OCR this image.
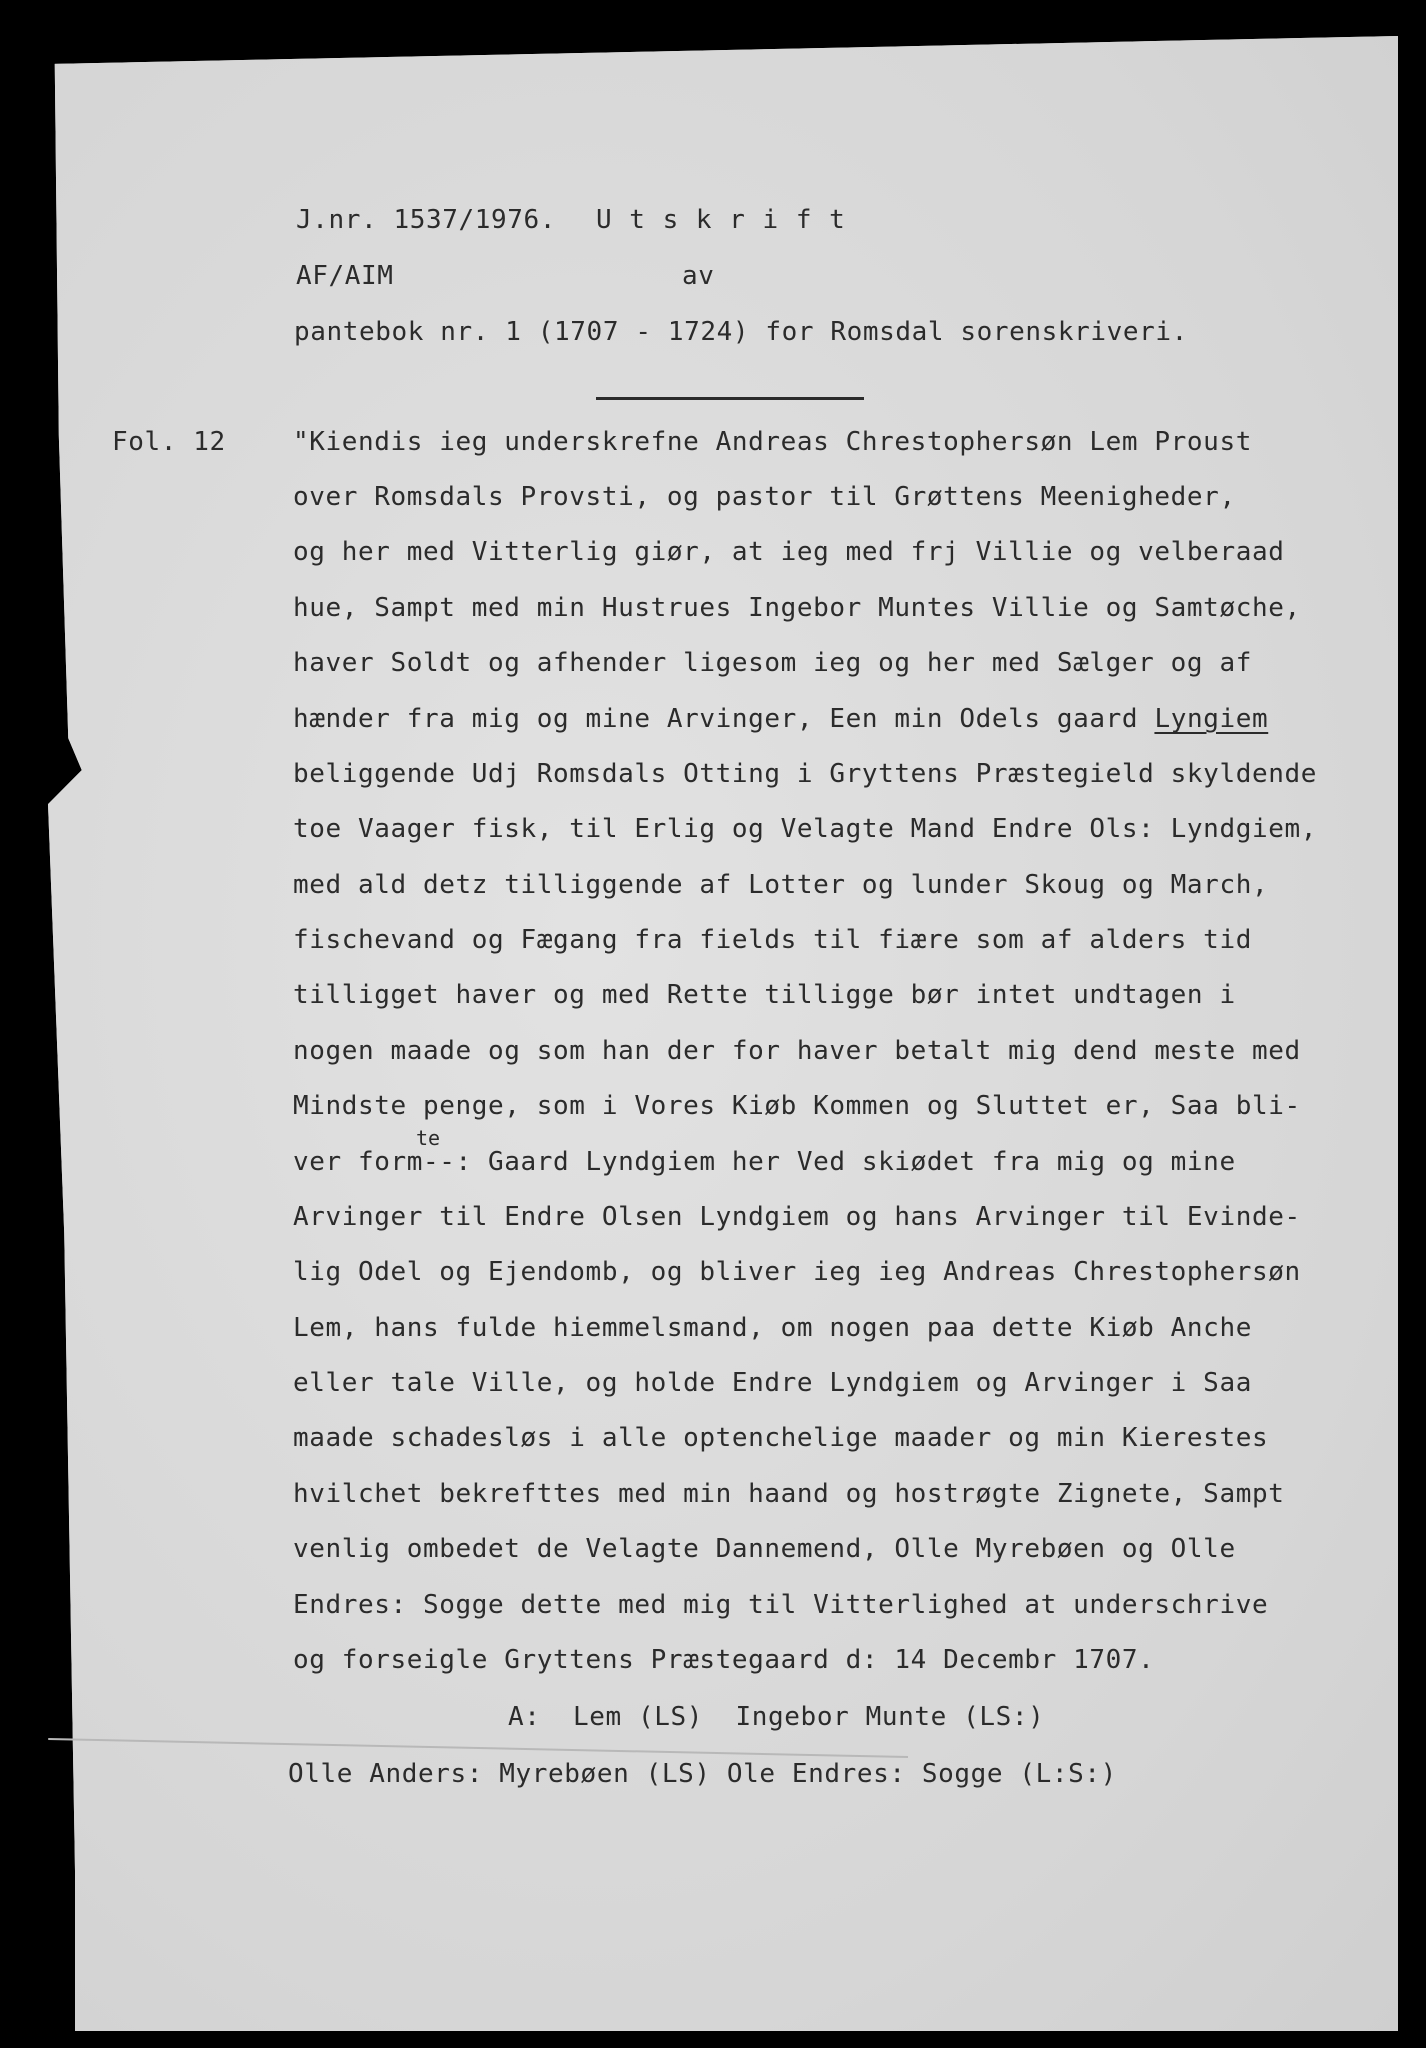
J.nr. 1537/1976. U t s k r i f t
AF/AIM	av
pantebok nr. 1 (1707 - 1724) for Romsdal sorenskriveri.
Fol. 12	"Kiendis ieg underskrefne Andreas Chrestophersøn Lem Proust
over Romsdals Provsti, og pastor til Grøttens Meenigheder,
og her med Vitterlig giør, at ieg med frj Villie og velberaad
hue, Sampt med min Hustrues Ingebor Muntes Villie og Samtøche,
haver Soldt og afhender ligesom ieg og her med Sælger og af
hænder fra mig og mine Arvinger, Een min Odels gaard Lyngiem
beliggende Udj Romsdals Otting i Gryttens Præstegield skyldende
toe Vaager fisk, til Erlig og Velagte Mand Endre Ols: Lyndgiem,
med ald detz tilliggende af Lotter og lunder Skoug og March,
fischevand og Fægang fra fields til fiære som af alders tid
tilligget haver og med Rette tilligge bør intet undtagen i
nogen maade og som han der for haver betalt mig dend meste med
Mindste penge, som i Vores Kiøb Kommen og Sluttet er, Saa bli-
te
ver form--: Gaard Lyndgiem her Ved skiødet fra mig og mine
Arvinger til Endre Olsen Lyndgiem og hans Arvinger til Evinde-
lig Odel og Ejendomb, og bliver ieg ieg Andreas Chrestophersøn
Lem, hans fulde hiemmelsmand, om nogen paa dette Kiøb Anche
eller tale Ville, og holde Endre Lyndgiem og Arvinger i Saa
maade schadesløs i alle optenchelige maader og min Kierestes
hvilchet bekrefttes med min haand og hostrøgte Zignete, Sampt
venlig ombedet de Velagte Dannemend, Olle Myrebøen og Olle
Endres: Sogge dette med mig til Vitterlighed at underschrive
og forseigle Gryttens Præstegaard d: 14 Decembr 1707.
A:  Lem (LS)  Ingebor Munte (LS:)
Olle Anders: Myrebøen (LS) Ole Endres: Sogge (L:S:)
